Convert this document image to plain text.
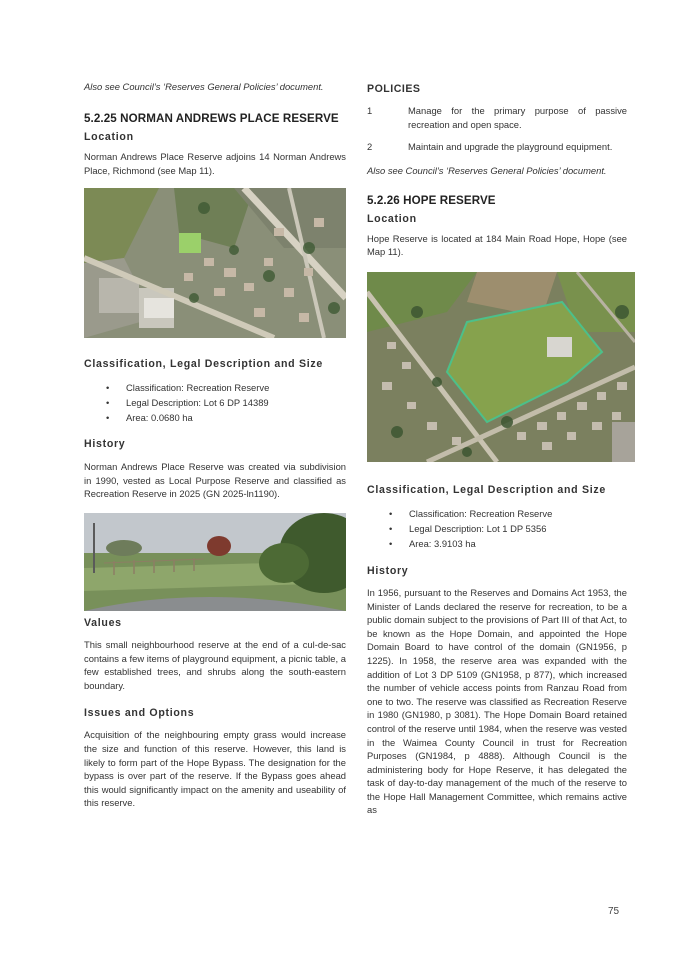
Also see Council’s ‘Reserves General Policies’ document.

5.2.25 NORMAN ANDREWS PLACE RESERVE
Location

Norman Andrews Place Reserve adjoins 14 Norman Andrews Place, Richmond (see Map 11).

Classification, Legal Description and Size
• Classification: Recreation Reserve
• Legal Description: Lot 6 DP 14389
• Area: 0.0680 ha
History

Norman Andrews Place Reserve was created via subdivision in 1990, vested as Local Purpose Reserve and classified as Recreation Reserve in 2025 (GN 2025-ln1190).

Values

This small neighbourhood reserve at the end of a cul-de-sac contains a few items of playground equipment, a picnic table, a few established trees, and shrubs along the south-eastern boundary.

Issues and Options

Acquisition of the neighbouring empty grass would increase the size and function of this reserve. However, this land is likely to form part of the Hope Bypass. The designation for the bypass is over part of the reserve. If the Bypass goes ahead this would significantly impact on the amenity and useability of this reserve.

POLICIES
1	Manage for the primary purpose of passive recreation and open space.
2	Maintain and upgrade the playground equipment.

Also see Council’s ‘Reserves General Policies’ document.

5.2.26 HOPE RESERVE
Location

Hope Reserve is located at 184 Main Road Hope, Hope (see Map 11).

Classification, Legal Description and Size
• Classification: Recreation Reserve
• Legal Description: Lot 1 DP 5356
• Area: 3.9103 ha
History

In 1956, pursuant to the Reserves and Domains Act 1953, the Minister of Lands declared the reserve for recreation, to be a public domain subject to the provisions of Part III of that Act, to be known as the Hope Domain, and appointed the Hope Domain Board to have control of the domain (GN1956, p 1225). In 1958, the reserve area was expanded with the addition of Lot 3 DP 5109 (GN1958, p 877), which increased the number of vehicle access points from Ranzau Road from one to two. The reserve was classified as Recreation Reserve in 1980 (GN1980, p 3081). The Hope Domain Board retained control of the reserve until 1984, when the reserve was vested in the Waimea County Council in trust for Recreation Purposes (GN1984, p 4888). Although Council is the administering body for Hope Reserve, it has delegated the task of day-to-day management of the much of the reserve to the Hope Hall Management Committee, which remains active as

75
